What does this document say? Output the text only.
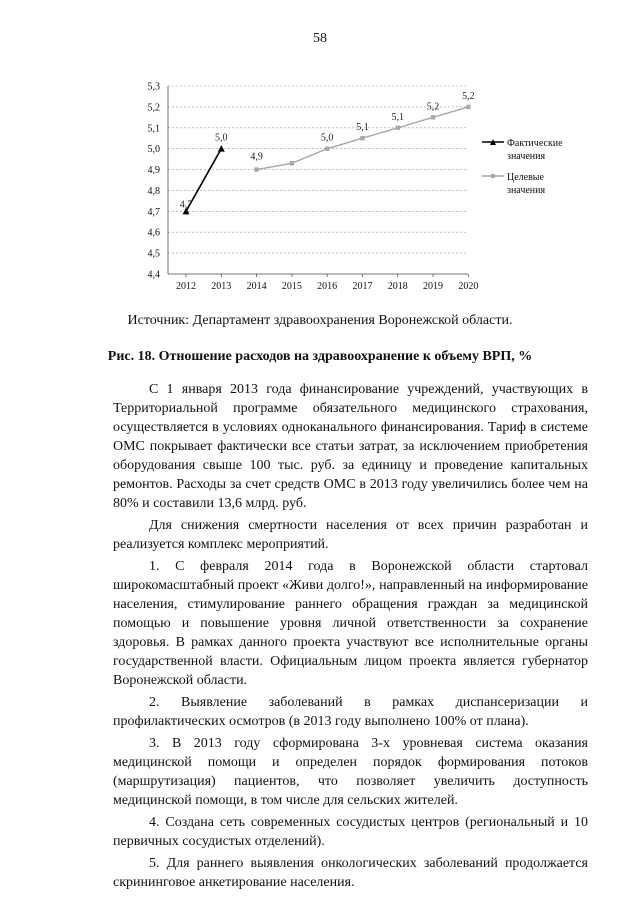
58
5,3
5,2
5,1
5,0
4,9
4,8
4,7
4,6
4,5
4,4
2012 2013 2014 2015 2016 2017 2018 2019 2020
4,7
5,0
4,9
5,0
5,1
5,1
5,2
5,2
Фактические
значения
Целевые
значения
Источник: Департамент здравоохранения Воронежской области.
Рис. 18. Отношение расходов на здравоохранение к объему ВРП, %

С 1 января 2013 года финансирование учреждений, участвующих в Территориальной программе обязательного медицинского страхования, осуществляется в условиях одноканального финансирования. Тариф в системе ОМС покрывает фактически все статьи затрат, за исключением приобретения оборудования свыше 100 тыс. руб. за единицу и проведение капитальных ремонтов. Расходы за счет средств ОМС в 2013 году увеличились более чем на 80% и составили 13,6 млрд. руб.

Для снижения смертности населения от всех причин разработан и реализуется комплекс мероприятий.

1. С февраля 2014 года в Воронежской области стартовал широкомасштабный проект «Живи долго!», направленный на информирование населения, стимулирование раннего обращения граждан за медицинской помощью и повышение уровня личной ответственности за сохранение здоровья. В рамках данного проекта участвуют все исполнительные органы государственной власти. Официальным лицом проекта является губернатор Воронежской области.

2. Выявление заболеваний в рамках диспансеризации и профилактических осмотров (в 2013 году выполнено 100% от плана).

3. В 2013 году сформирована 3-х уровневая система оказания медицинской помощи и определен порядок формирования потоков (маршрутизация) пациентов, что позволяет увеличить доступность медицинской помощи, в том числе для сельских жителей.

4. Создана сеть современных сосудистых центров (региональный и 10 первичных сосудистых отделений).

5. Для раннего выявления онкологических заболеваний продолжается скрининговое анкетирование населения.
